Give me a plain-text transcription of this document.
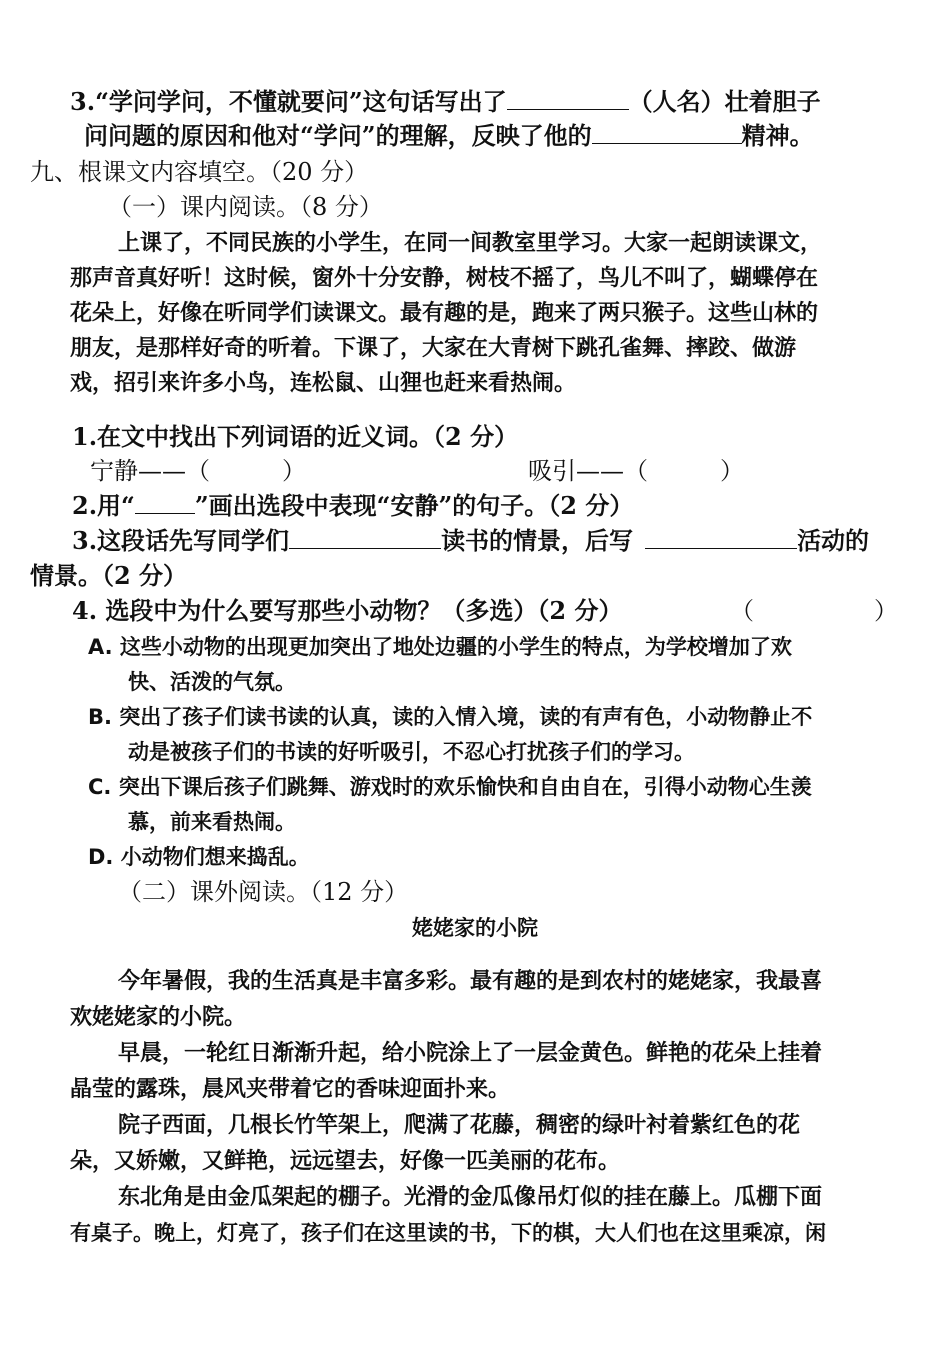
3.“学问学问，不懂就要问”这句话写出了	（人名）壮着胆子
问问题的原因和他对“学问”的理解，反映了他的	精神。
九、根课文内容填空。（20 分）
（一）课内阅读。（8 分）
上课了，不同民族的小学生，在同一间教室里学习。大家一起朗读课文，
那声音真好听！这时候，窗外十分安静，树枝不摇了，鸟儿不叫了，蝴蝶停在
花朵上，好像在听同学们读课文。最有趣的是，跑来了两只猴子。这些山林的
朋友，是那样好奇的听着。下课了，大家在大青树下跳孔雀舞、摔跤、做游
戏，招引来许多小鸟，连松鼠、山狸也赶来看热闹。
1.在文中找出下列词语的近义词。（2 分）
宁静——（　　　）	吸引——（　　　）
2.用“	”画出选段中表现“安静”的句子。（2 分）
3.这段话先写同学们	读书的情景，后写	活动的
情景。（2 分）
4. 选段中为什么要写那些小动物？（多选）（2 分）	（　　　　　）
A. 这些小动物的出现更加突出了地处边疆的小学生的特点，为学校增加了欢
快、活泼的气氛。
B. 突出了孩子们读书读的认真，读的入情入境，读的有声有色，小动物静止不
动是被孩子们的书读的好听吸引，不忍心打扰孩子们的学习。
C. 突出下课后孩子们跳舞、游戏时的欢乐愉快和自由自在，引得小动物心生羡
慕，前来看热闹。
D. 小动物们想来捣乱。
（二）课外阅读。（12 分）
姥姥家的小院
今年暑假，我的生活真是丰富多彩。最有趣的是到农村的姥姥家，我最喜
欢姥姥家的小院。
早晨，一轮红日渐渐升起，给小院涂上了一层金黄色。鲜艳的花朵上挂着
晶莹的露珠，晨风夹带着它的香味迎面扑来。
院子西面，几根长竹竿架上，爬满了花藤，稠密的绿叶衬着紫红色的花
朵，又娇嫩，又鲜艳，远远望去，好像一匹美丽的花布。
东北角是由金瓜架起的棚子。光滑的金瓜像吊灯似的挂在藤上。瓜棚下面
有桌子。晚上，灯亮了，孩子们在这里读的书，下的棋，大人们也在这里乘凉，闲
